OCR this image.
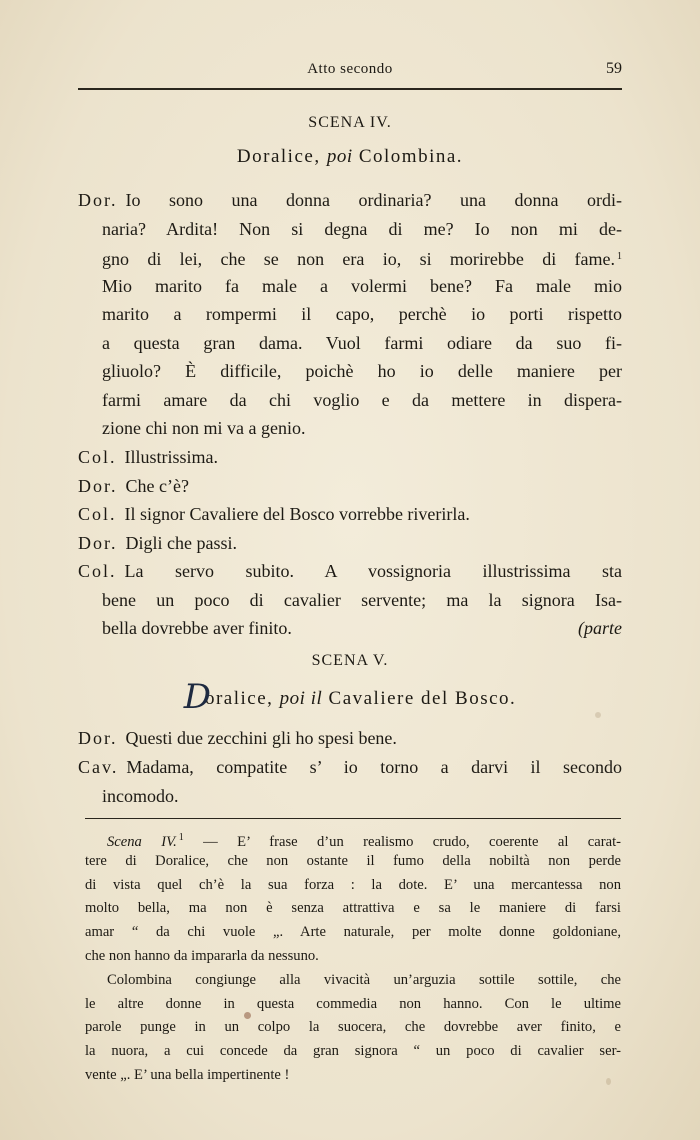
Atto secondo	59
SCENA IV.
Doralice, poi Colombina.
Dor. Io sono una donna ordinaria? una donna ordi-
naria? Ardita! Non si degna di me? Io non mi de-
gno di lei, che se non era io, si morirebbe di fame. $^1$
Mio marito fa male a volermi bene? Fa male mio
marito a rompermi il capo, perchè io porti rispetto
a questa gran dama. Vuol farmi odiare da suo fi-
gliuolo? È difficile, poichè ho io delle maniere per
farmi amare da chi voglio e da mettere in dispera-
zione chi non mi va a genio.
Col. Illustrissima.
Dor. Che c’è?
Col. Il signor Cavaliere del Bosco vorrebbe riverirla.
Dor. Digli che passi.
Col. La servo subito. A vossignoria illustrissima sta
bene un poco di cavalier servente; ma la signora Isa-
bella dovrebbe aver finito.	(parte
SCENA V.
Doralice, poi il Cavaliere del Bosco.
Dor. Questi due zecchini gli ho spesi bene.
Cav. Madama, compatite s’ io torno a darvi il secondo
incomodo.
Scena IV. $^1$ — E’ frase d’un realismo crudo, coerente al carat-
tere di Doralice, che non ostante il fumo della nobiltà non perde
di vista quel ch’è la sua forza : la dote. E’ una mercantessa non
molto bella, ma non è senza attrattiva e sa le maniere di farsi
amar “ da chi vuole „. Arte naturale, per molte donne goldoniane,
che non hanno da impararla da nessuno.
Colombina congiunge alla vivacità un’arguzia sottile sottile, che
le altre donne in questa commedia non hanno. Con le ultime
parole punge in un colpo la suocera, che dovrebbe aver finito, e
la nuora, a cui concede da gran signora “ un poco di cavalier ser-
vente „. E’ una bella impertinente !
